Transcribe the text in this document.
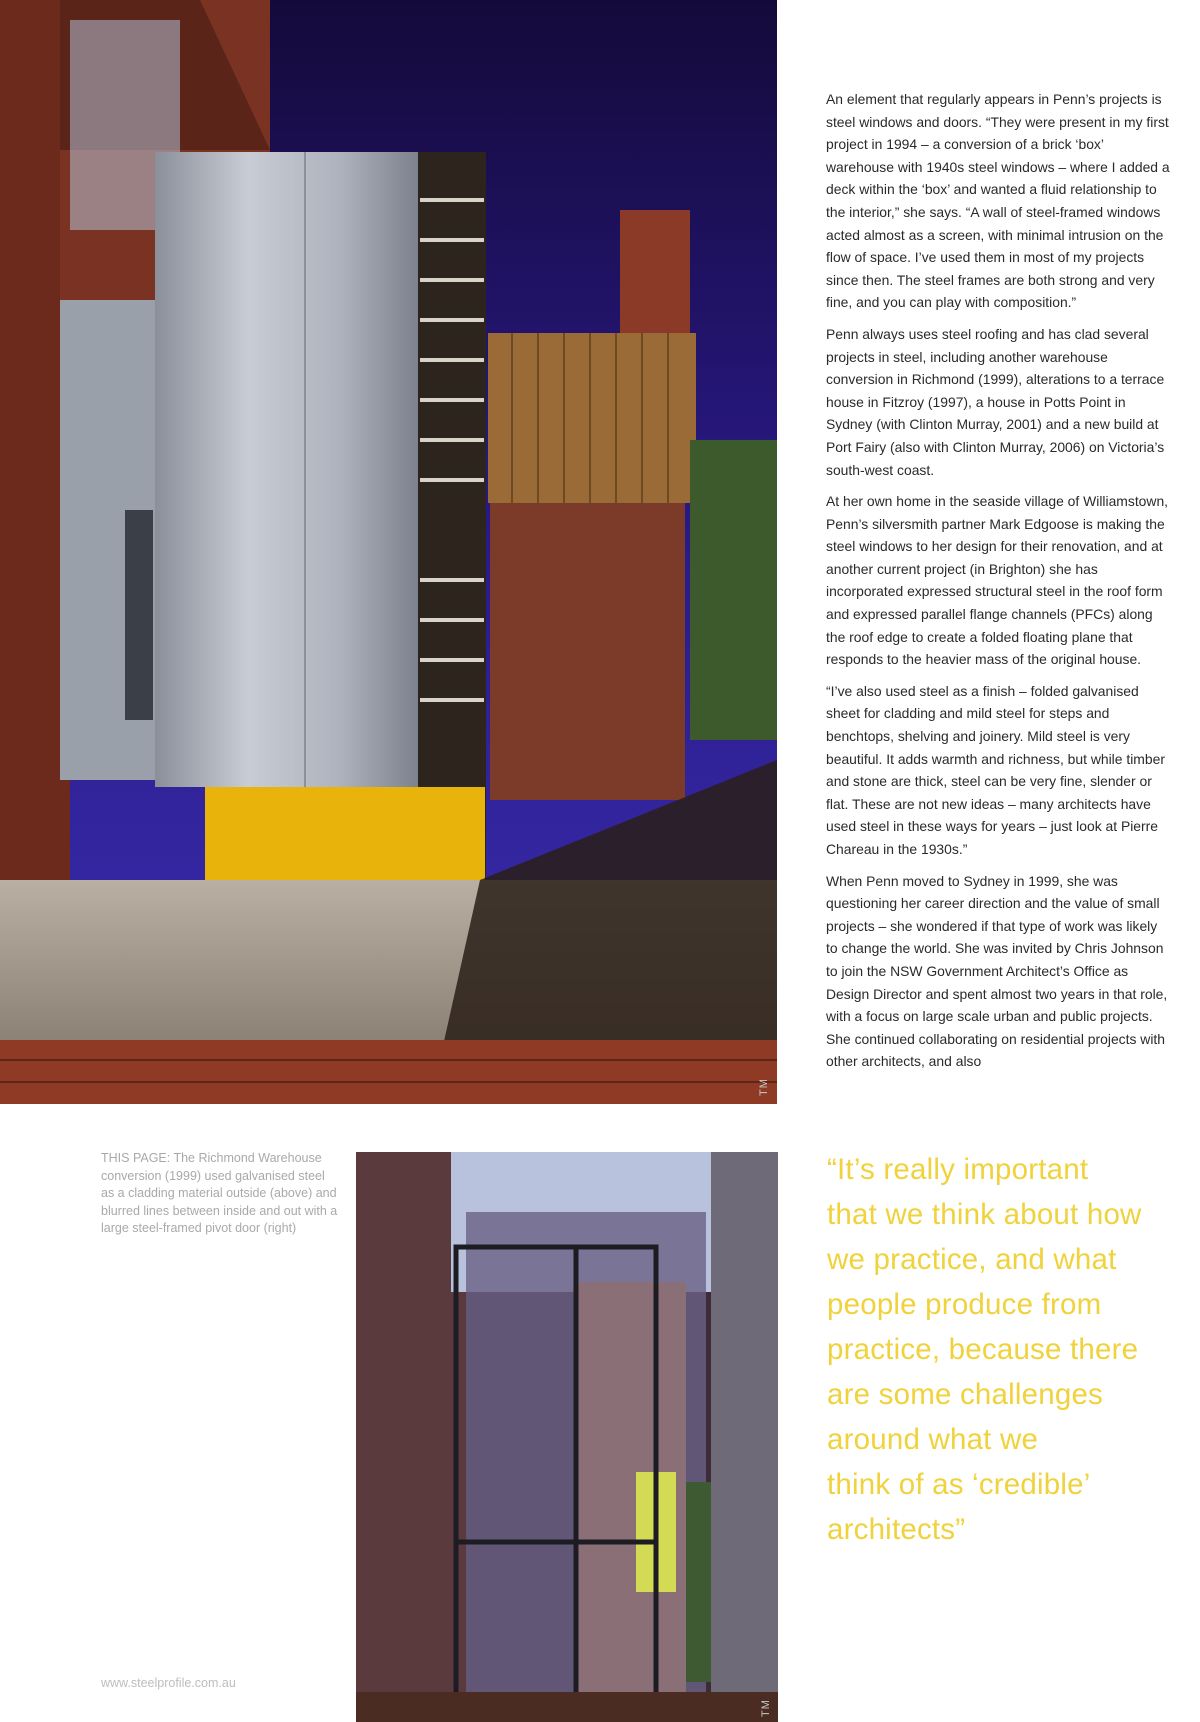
TM

An element that regularly appears in Penn’s projects is steel windows and doors. “They were present in my first project in 1994 – a conversion of a brick ‘box’ warehouse with 1940s steel windows – where I added a deck within the ‘box’ and wanted a fluid relationship to the interior,” she says. “A wall of steel-framed windows acted almost as a screen, with minimal intrusion on the flow of space. I’ve used them in most of my projects since then. The steel frames are both strong and very fine, and you can play with composition.”

Penn always uses steel roofing and has clad several projects in steel, including another warehouse conversion in Richmond (1999), alterations to a terrace house in Fitzroy (1997), a house in Potts Point in Sydney (with Clinton Murray, 2001) and a new build at Port Fairy (also with Clinton Murray, 2006) on Victoria’s south-west coast.

At her own home in the seaside village of Williamstown, Penn’s silversmith partner Mark Edgoose is making the steel windows to her design for their renovation, and at another current project (in Brighton) she has incorporated expressed structural steel in the roof form and expressed parallel flange channels (PFCs) along the roof edge to create a folded floating plane that responds to the heavier mass of the original house.

“I’ve also used steel as a finish – folded galvanised sheet for cladding and mild steel for steps and benchtops, shelving and joinery. Mild steel is very beautiful. It adds warmth and richness, but while timber and stone are thick, steel can be very fine, slender or flat. These are not new ideas – many architects have used steel in these ways for years – just look at Pierre Chareau in the 1930s.”

When Penn moved to Sydney in 1999, she was questioning her career direction and the value of small projects – she wondered if that type of work was likely to change the world. She was invited by Chris Johnson to join the NSW Government Architect’s Office as Design Director and spent almost two years in that role, with a focus on large scale urban and public projects. She continued collaborating on residential projects with other architects, and also

THIS PAGE: The Richmond Warehouse conversion (1999) used galvanised steel as a cladding material outside (above) and blurred lines between inside and out with a large steel-framed pivot door (right)
TM
“It’s really important
that we think about how
we practice, and what
people produce from
practice, because there
are some challenges
around what we
think of as ‘credible’
architects”
www.steelprofile.com.au
